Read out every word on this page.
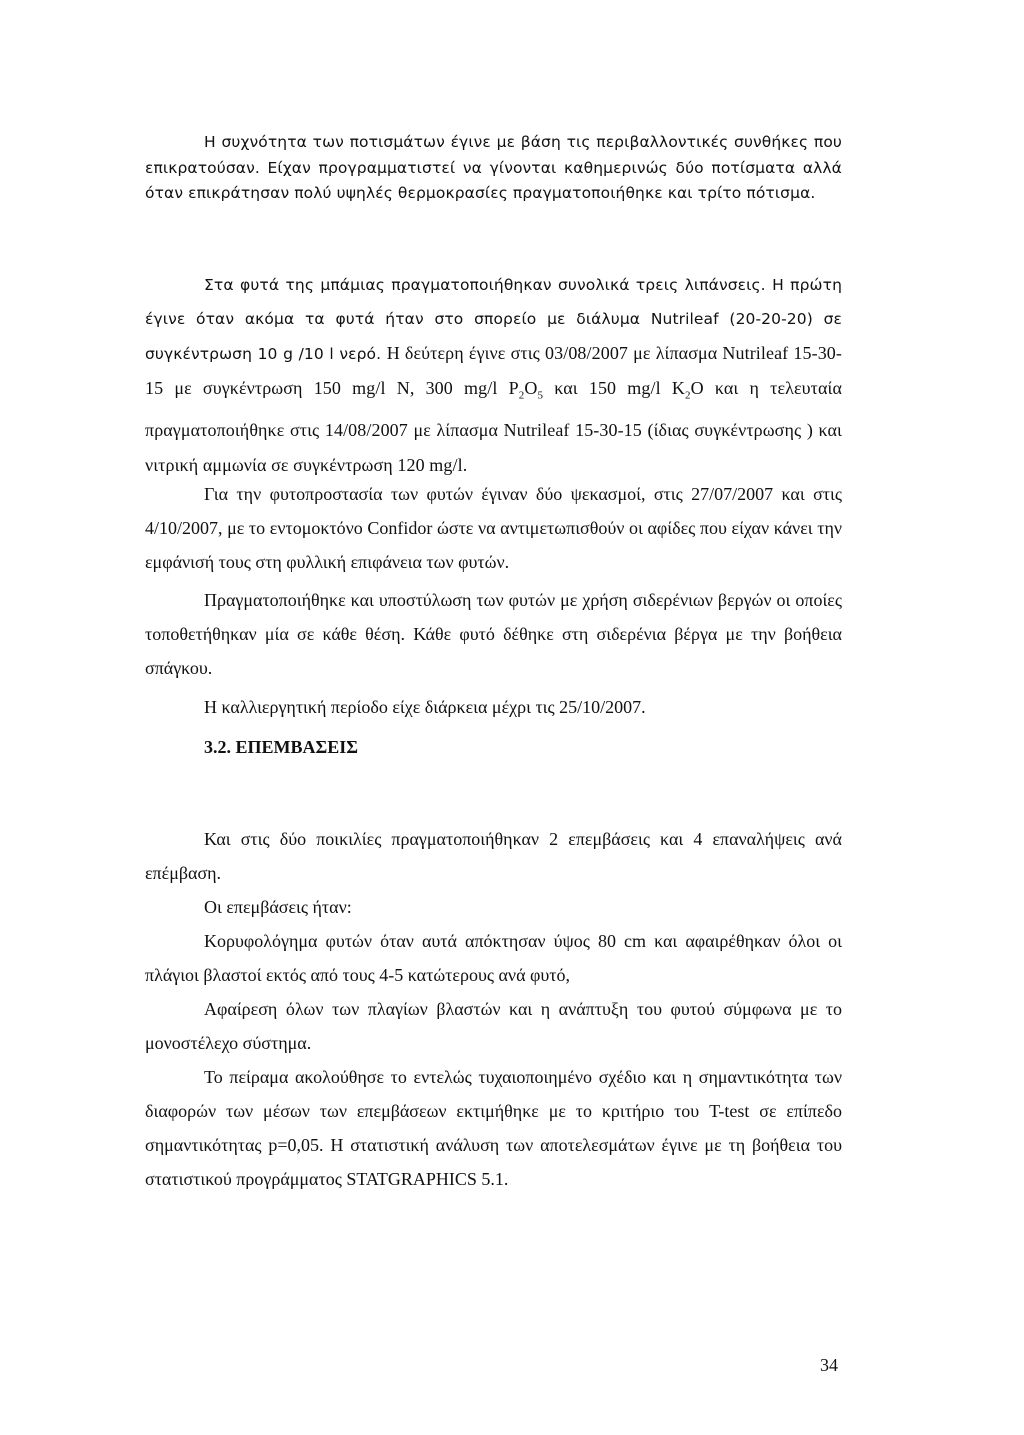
Η συχνότητα των ποτισμάτων έγινε με βάση τις περιβαλλοντικές συνθήκες που επικρατούσαν. Είχαν προγραμματιστεί να γίνονται καθημερινώς δύο ποτίσματα αλλά όταν επικράτησαν πολύ υψηλές θερμοκρασίες πραγματοποιήθηκε και τρίτο πότισμα.

Στα φυτά της μπάμιας πραγματοποιήθηκαν συνολικά τρεις λιπάνσεις. Η πρώτη έγινε όταν ακόμα τα φυτά ήταν στο σπορείο με διάλυμα Nutrileaf (20-20-20) σε συγκέντρωση 10 g /10 l νερό. Η δεύτερη έγινε στις 03/08/2007 με λίπασμα Nutrileaf 15-30-15 με συγκέντρωση 150 mg/l N, 300 mg/l $P_2O_5$ και 150 mg/l $K_2O$ και η τελευταία πραγματοποιήθηκε στις 14/08/2007 με λίπασμα Nutrileaf 15-30-15 (ίδιας συγκέντρωσης ) και νιτρική αμμωνία σε συγκέντρωση 120 mg/l.

Για την φυτοπροστασία των φυτών έγιναν δύο ψεκασμοί, στις 27/07/2007 και στις 4/10/2007, με το εντομοκτόνο Confidor ώστε να αντιμετωπισθούν οι αφίδες που είχαν κάνει την εμφάνισή τους στη φυλλική επιφάνεια των φυτών.

Πραγματοποιήθηκε και υποστύλωση των φυτών με χρήση σιδερένιων βεργών οι οποίες τοποθετήθηκαν μία σε κάθε θέση. Κάθε φυτό δέθηκε στη σιδερένια βέργα με την βοήθεια σπάγκου.

Η καλλιεργητική περίοδο είχε διάρκεια μέχρι τις 25/10/2007.

3.2. ΕΠΕΜΒΑΣΕΙΣ

Και στις δύο ποικιλίες πραγματοποιήθηκαν 2 επεμβάσεις και 4 επαναλήψεις ανά επέμβαση.

Οι επεμβάσεις ήταν:

Κορυφολόγημα φυτών όταν αυτά απόκτησαν ύψος 80 cm και αφαιρέθηκαν όλοι οι πλάγιοι βλαστοί εκτός από τους 4-5 κατώτερους ανά φυτό,

Αφαίρεση όλων των πλαγίων βλαστών και η ανάπτυξη του φυτού σύμφωνα με το μονοστέλεχο σύστημα.

Το πείραμα ακολούθησε το εντελώς τυχαιοποιημένο σχέδιο και η σημαντικότητα των διαφορών των μέσων των επεμβάσεων εκτιμήθηκε με το κριτήριο του T-test σε επίπεδο σημαντικότητας p=0,05. Η στατιστική ανάλυση των αποτελεσμάτων έγινε με τη βοήθεια του στατιστικού προγράμματος STATGRAPHICS 5.1.

34
